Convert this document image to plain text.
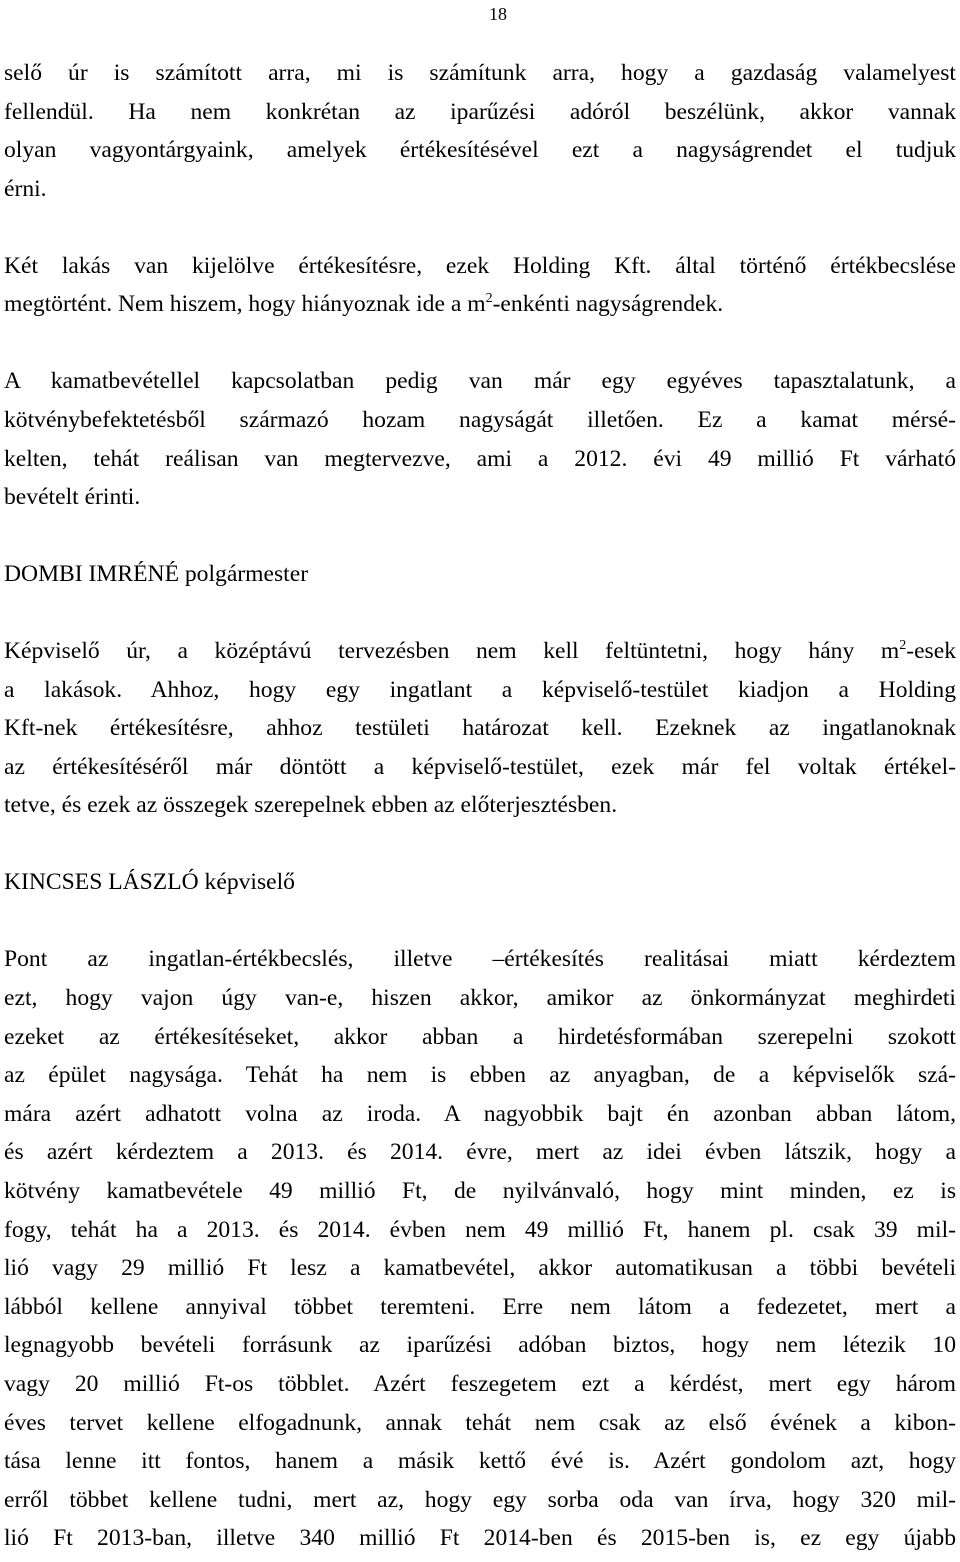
18
selő úr is számított arra, mi is számítunk arra, hogy a gazdaság valamelyest
fellendül. Ha nem konkrétan az iparűzési adóról beszélünk, akkor vannak
olyan vagyontárgyaink, amelyek értékesítésével ezt a nagyságrendet el tudjuk
érni.
Két lakás van kijelölve értékesítésre, ezek Holding Kft. által történő értékbecslése
megtörtént. Nem hiszem, hogy hiányoznak ide a $m^2$-enkénti nagyságrendek.
A kamatbevétellel kapcsolatban pedig van már egy egyéves tapasztalatunk, a
kötvénybefektetésből származó hozam nagyságát illetően. Ez a kamat mérsé-
kelten, tehát reálisan van megtervezve, ami a 2012. évi 49 millió Ft várható
bevételt érinti.
DOMBI IMRÉNÉ polgármester
Képviselő úr, a középtávú tervezésben nem kell feltüntetni, hogy hány $m^2$-esek
a lakások. Ahhoz, hogy egy ingatlant a képviselő-testület kiadjon a Holding
Kft-nek értékesítésre, ahhoz testületi határozat kell. Ezeknek az ingatlanoknak
az értékesítéséről már döntött a képviselő-testület, ezek már fel voltak értékel-
tetve, és ezek az összegek szerepelnek ebben az előterjesztésben.
KINCSES LÁSZLÓ képviselő
Pont az ingatlan-értékbecslés, illetve –értékesítés realitásai miatt kérdeztem
ezt, hogy vajon úgy van-e, hiszen akkor, amikor az önkormányzat meghirdeti
ezeket az értékesítéseket, akkor abban a hirdetésformában szerepelni szokott
az épület nagysága. Tehát ha nem is ebben az anyagban, de a képviselők szá-
mára azért adhatott volna az iroda. A nagyobbik bajt én azonban abban látom,
és azért kérdeztem a 2013. és 2014. évre, mert az idei évben látszik, hogy a
kötvény kamatbevétele 49 millió Ft, de nyilvánvaló, hogy mint minden, ez is
fogy, tehát ha a 2013. és 2014. évben nem 49 millió Ft, hanem pl. csak 39 mil-
lió vagy 29 millió Ft lesz a kamatbevétel, akkor automatikusan a többi bevételi
lábból kellene annyival többet teremteni. Erre nem látom a fedezetet, mert a
legnagyobb bevételi forrásunk az iparűzési adóban biztos, hogy nem létezik 10
vagy 20 millió Ft-os többlet. Azért feszegetem ezt a kérdést, mert egy három
éves tervet kellene elfogadnunk, annak tehát nem csak az első évének a kibon-
tása lenne itt fontos, hanem a másik kettő évé is. Azért gondolom azt, hogy
erről többet kellene tudni, mert az, hogy egy sorba oda van írva, hogy 320 mil-
lió Ft 2013-ban, illetve 340 millió Ft 2014-ben és 2015-ben is, ez egy újabb
